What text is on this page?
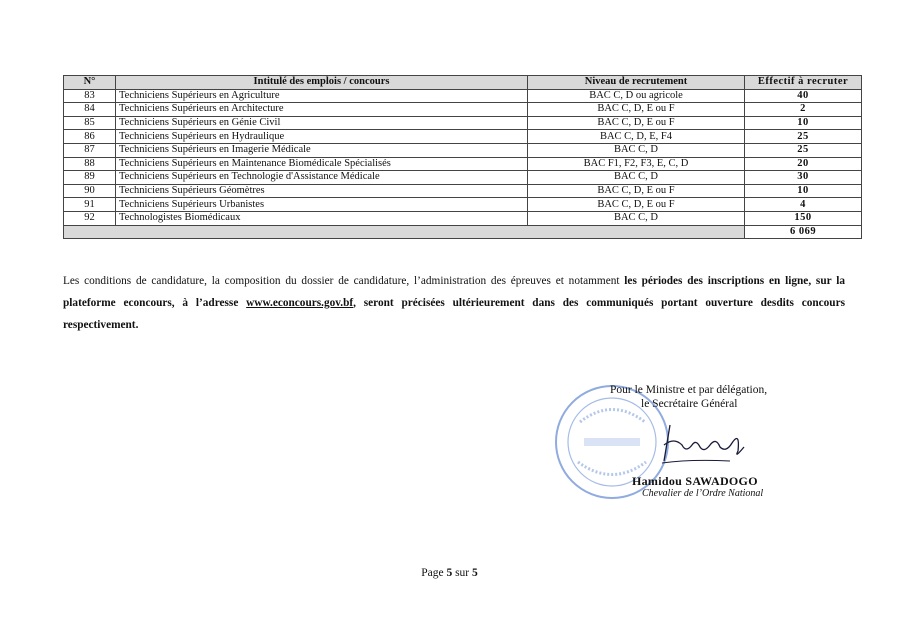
N°	Intitulé des emplois / concours	Niveau de recrutement	Effectif à recruter
83	Techniciens Supérieurs en Agriculture	BAC C, D ou agricole	40
84	Techniciens Supérieurs en Architecture	BAC C, D, E ou F	2
85	Techniciens Supérieurs en Génie Civil	BAC C, D, E ou F	10
86	Techniciens Supérieurs en Hydraulique	BAC C, D, E, F4	25
87	Techniciens Supérieurs en Imagerie Médicale	BAC C, D	25
88	Techniciens Supérieurs en Maintenance Biomédicale Spécialisés	BAC F1, F2, F3, E, C, D	20
89	Techniciens Supérieurs en Technologie d'Assistance Médicale	BAC C, D	30
90	Techniciens Supérieurs Géomètres	BAC C, D, E ou F	10
91	Techniciens Supérieurs Urbanistes	BAC C, D, E ou F	4
92	Technologistes Biomédicaux	BAC C, D	150
			6 069

Les conditions de candidature, la composition du dossier de candidature, l’administration des épreuves et notamment les périodes des inscriptions en ligne, sur la plateforme econcours, à l’adresse www.econcours.gov.bf, seront précisées ultérieurement dans des communiqués portant ouverture desdits concours respectivement.

Pour le Ministre et par délégation,
le Secrétaire Général
Hamidou SAWADOGO
Chevalier de l’Ordre National
Page 5 sur 5
